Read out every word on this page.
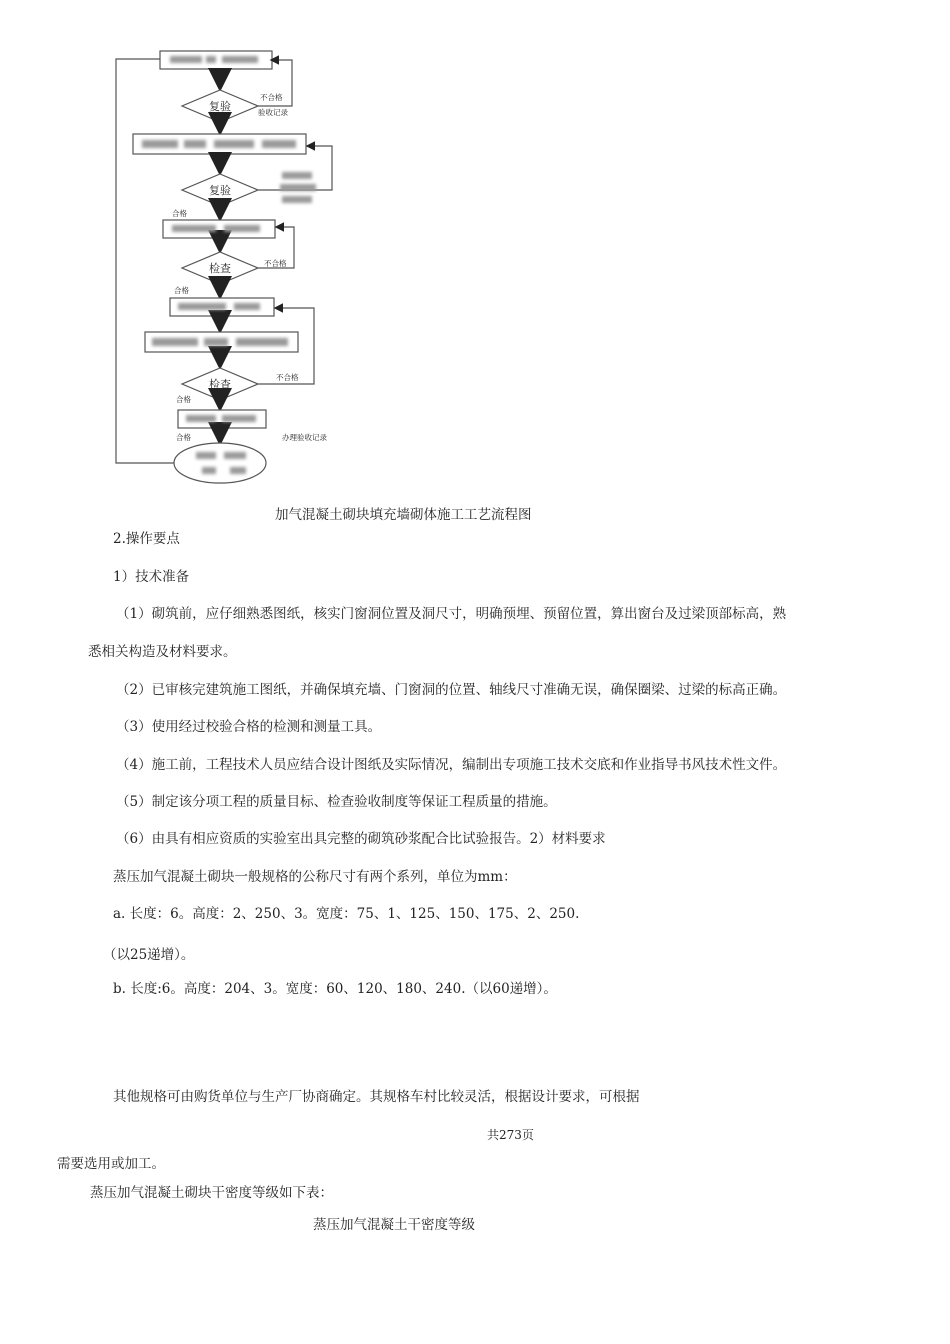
复验
复验
检查
检查
不合格
验收记录
合格
不合格
合格
不合格
合格
合格	办理验收记录
加气混凝土砌块填充墙砌体施工工艺流程图
2.操作要点
1）技术准备
（1）砌筑前，应仔细熟悉图纸，核实门窗洞位置及洞尺寸，明确预埋、预留位置，算出窗台及过梁顶部标高，熟
悉相关构造及材料要求。
（2）已审核完建筑施工图纸，并确保填充墙、门窗洞的位置、轴线尺寸准确无误，确保圈梁、过梁的标高正确。
（3）使用经过校验合格的检测和测量工具。
（4）施工前，工程技术人员应结合设计图纸及实际情况，编制出专项施工技术交底和作业指导书风技术性文件。
（5）制定该分项工程的质量目标、检查验收制度等保证工程质量的措施。
（6）由具有相应资质的实验室出具完整的砌筑砂浆配合比试验报告。2）材料要求
蒸压加气混凝土砌块一般规格的公称尺寸有两个系列，单位为mm：
a. 长度：6。高度：2、250、3。宽度：75、1、125、150、175、2、250.
（以25递增）。
b. 长度:6。高度：204、3。宽度：60、120、180、240.（以60递增）。
其他规格可由购货单位与生产厂协商确定。其规格车村比较灵活，根据设计要求，可根据
共273页
需要选用或加工。
蒸压加气混凝土砌块干密度等级如下表：
蒸压加气混凝土干密度等级
